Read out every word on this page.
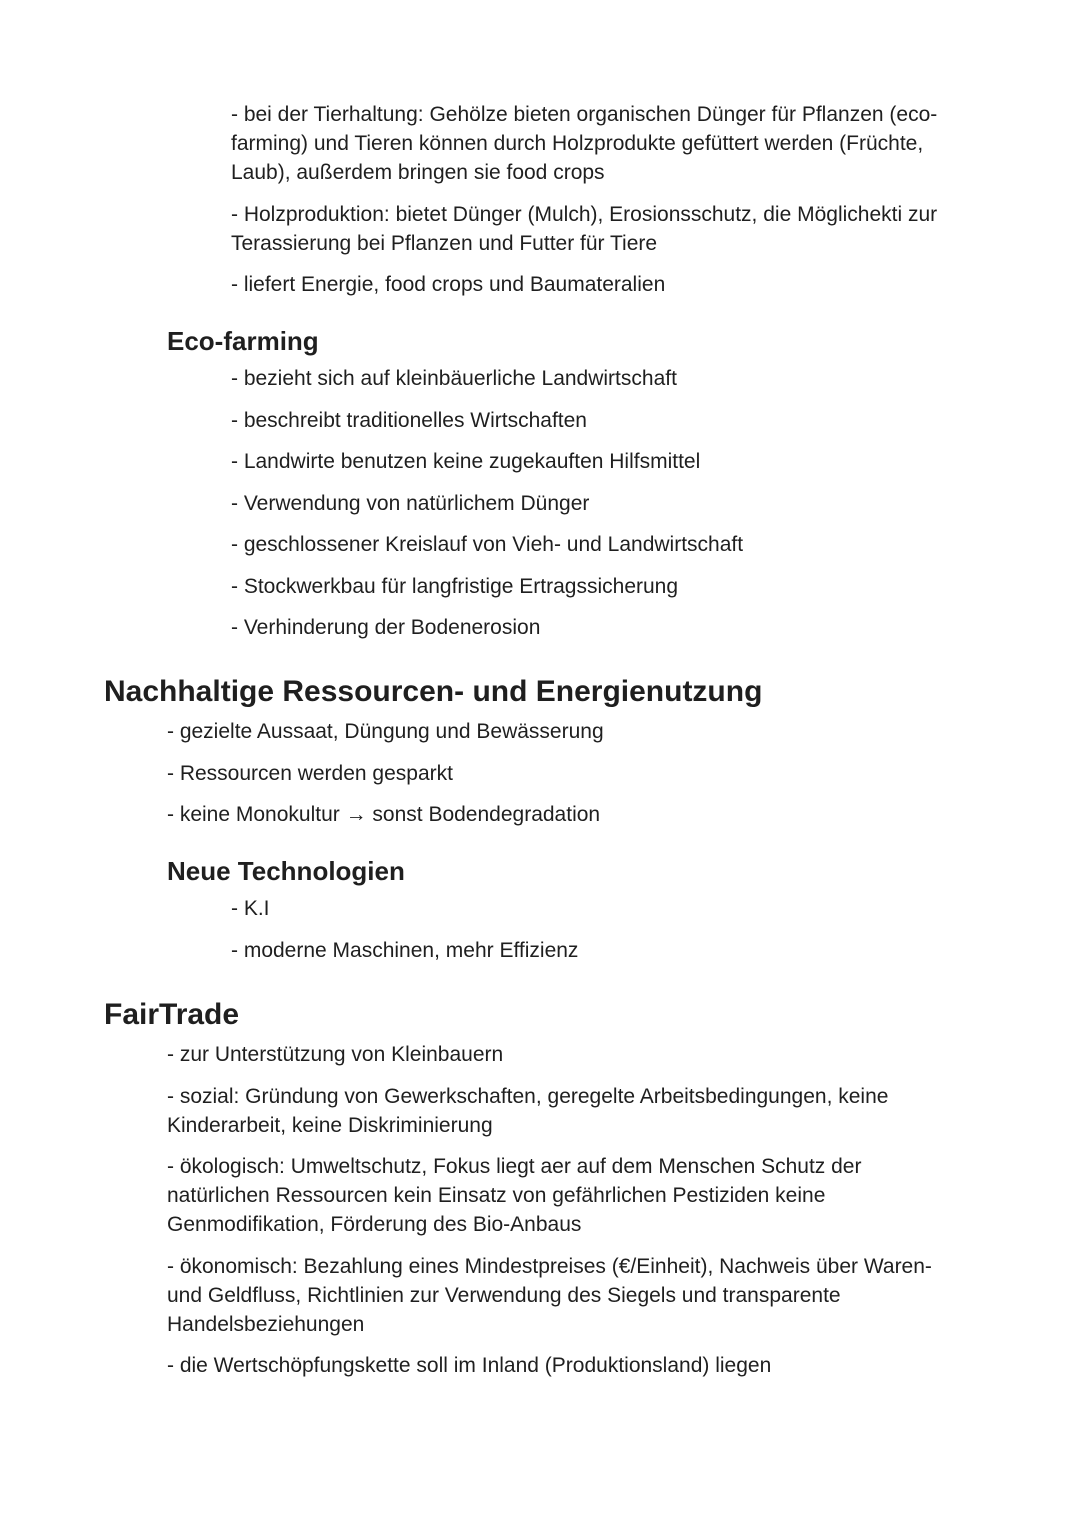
- bei der Tierhaltung: Gehölze bieten organischen Dünger für Pflanzen (eco-farming) und Tieren können durch Holzprodukte gefüttert werden (Früchte, Laub), außerdem bringen sie food crops
- Holzproduktion: bietet Dünger (Mulch), Erosionsschutz, die Möglichekti zur Terassierung bei Pflanzen und Futter für Tiere
- liefert Energie, food crops und Baumateralien
Eco-farming
- bezieht sich auf kleinbäuerliche Landwirtschaft
- beschreibt traditionelles Wirtschaften
- Landwirte benutzen keine zugekauften Hilfsmittel
- Verwendung von natürlichem Dünger
- geschlossener Kreislauf von Vieh- und Landwirtschaft
- Stockwerkbau für langfristige Ertragssicherung
- Verhinderung der Bodenerosion
Nachhaltige Ressourcen- und Energienutzung
- gezielte Aussaat, Düngung und Bewässerung
- Ressourcen werden gesparkt
- keine Monokultur → sonst Bodendegradation
Neue Technologien
- K.I
- moderne Maschinen, mehr Effizienz
FairTrade
- zur Unterstützung von Kleinbauern
- sozial: Gründung von Gewerkschaften, geregelte Arbeitsbedingungen, keine Kinderarbeit, keine Diskriminierung
- ökologisch: Umweltschutz, Fokus liegt aer auf dem Menschen Schutz der natürlichen Ressourcen kein Einsatz von gefährlichen Pestiziden keine Genmodifikation, Förderung des Bio-Anbaus
- ökonomisch: Bezahlung eines Mindestpreises (€/Einheit), Nachweis über Waren- und Geldfluss, Richtlinien zur Verwendung des Siegels und transparente Handelsbeziehungen
- die Wertschöpfungskette soll im Inland (Produktionsland) liegen
